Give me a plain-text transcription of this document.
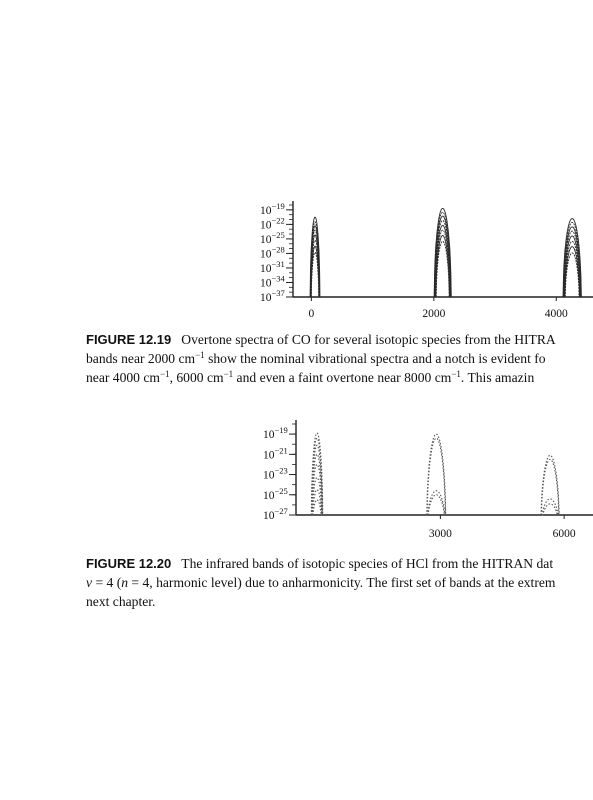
$10^{-19}$
$10^{-22}$
$10^{-25}$
$10^{-28}$
$10^{-31}$
$10^{-34}$
$10^{-37}$
0	2000	4000
FIGURE 12.19 Overtone spectra of CO for several isotopic species from the HITRA
bands near 2000 $cm^{-1}$ show the nominal vibrational spectra and a notch is evident fo
near 4000 $cm^{-1}$, 6000 $cm^{-1}$ and even a faint overtone near 8000 $cm^{-1}$. This amazin
$10^{-19}$
$10^{-21}$
$10^{-23}$
$10^{-25}$
$10^{-27}$
3000	6000
FIGURE 12.20 The infrared bands of isotopic species of HCl from the HITRAN dat
v = 4 (n = 4, harmonic level) due to anharmonicity. The first set of bands at the extrem
next chapter.
